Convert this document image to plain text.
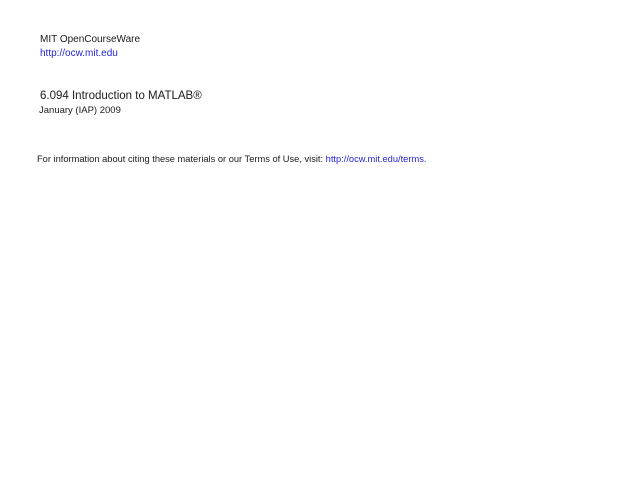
MIT OpenCourseWare
http://ocw.mit.edu
6.094 Introduction to MATLAB®
January (IAP) 2009
For information about citing these materials or our Terms of Use, visit: http://ocw.mit.edu/terms.
